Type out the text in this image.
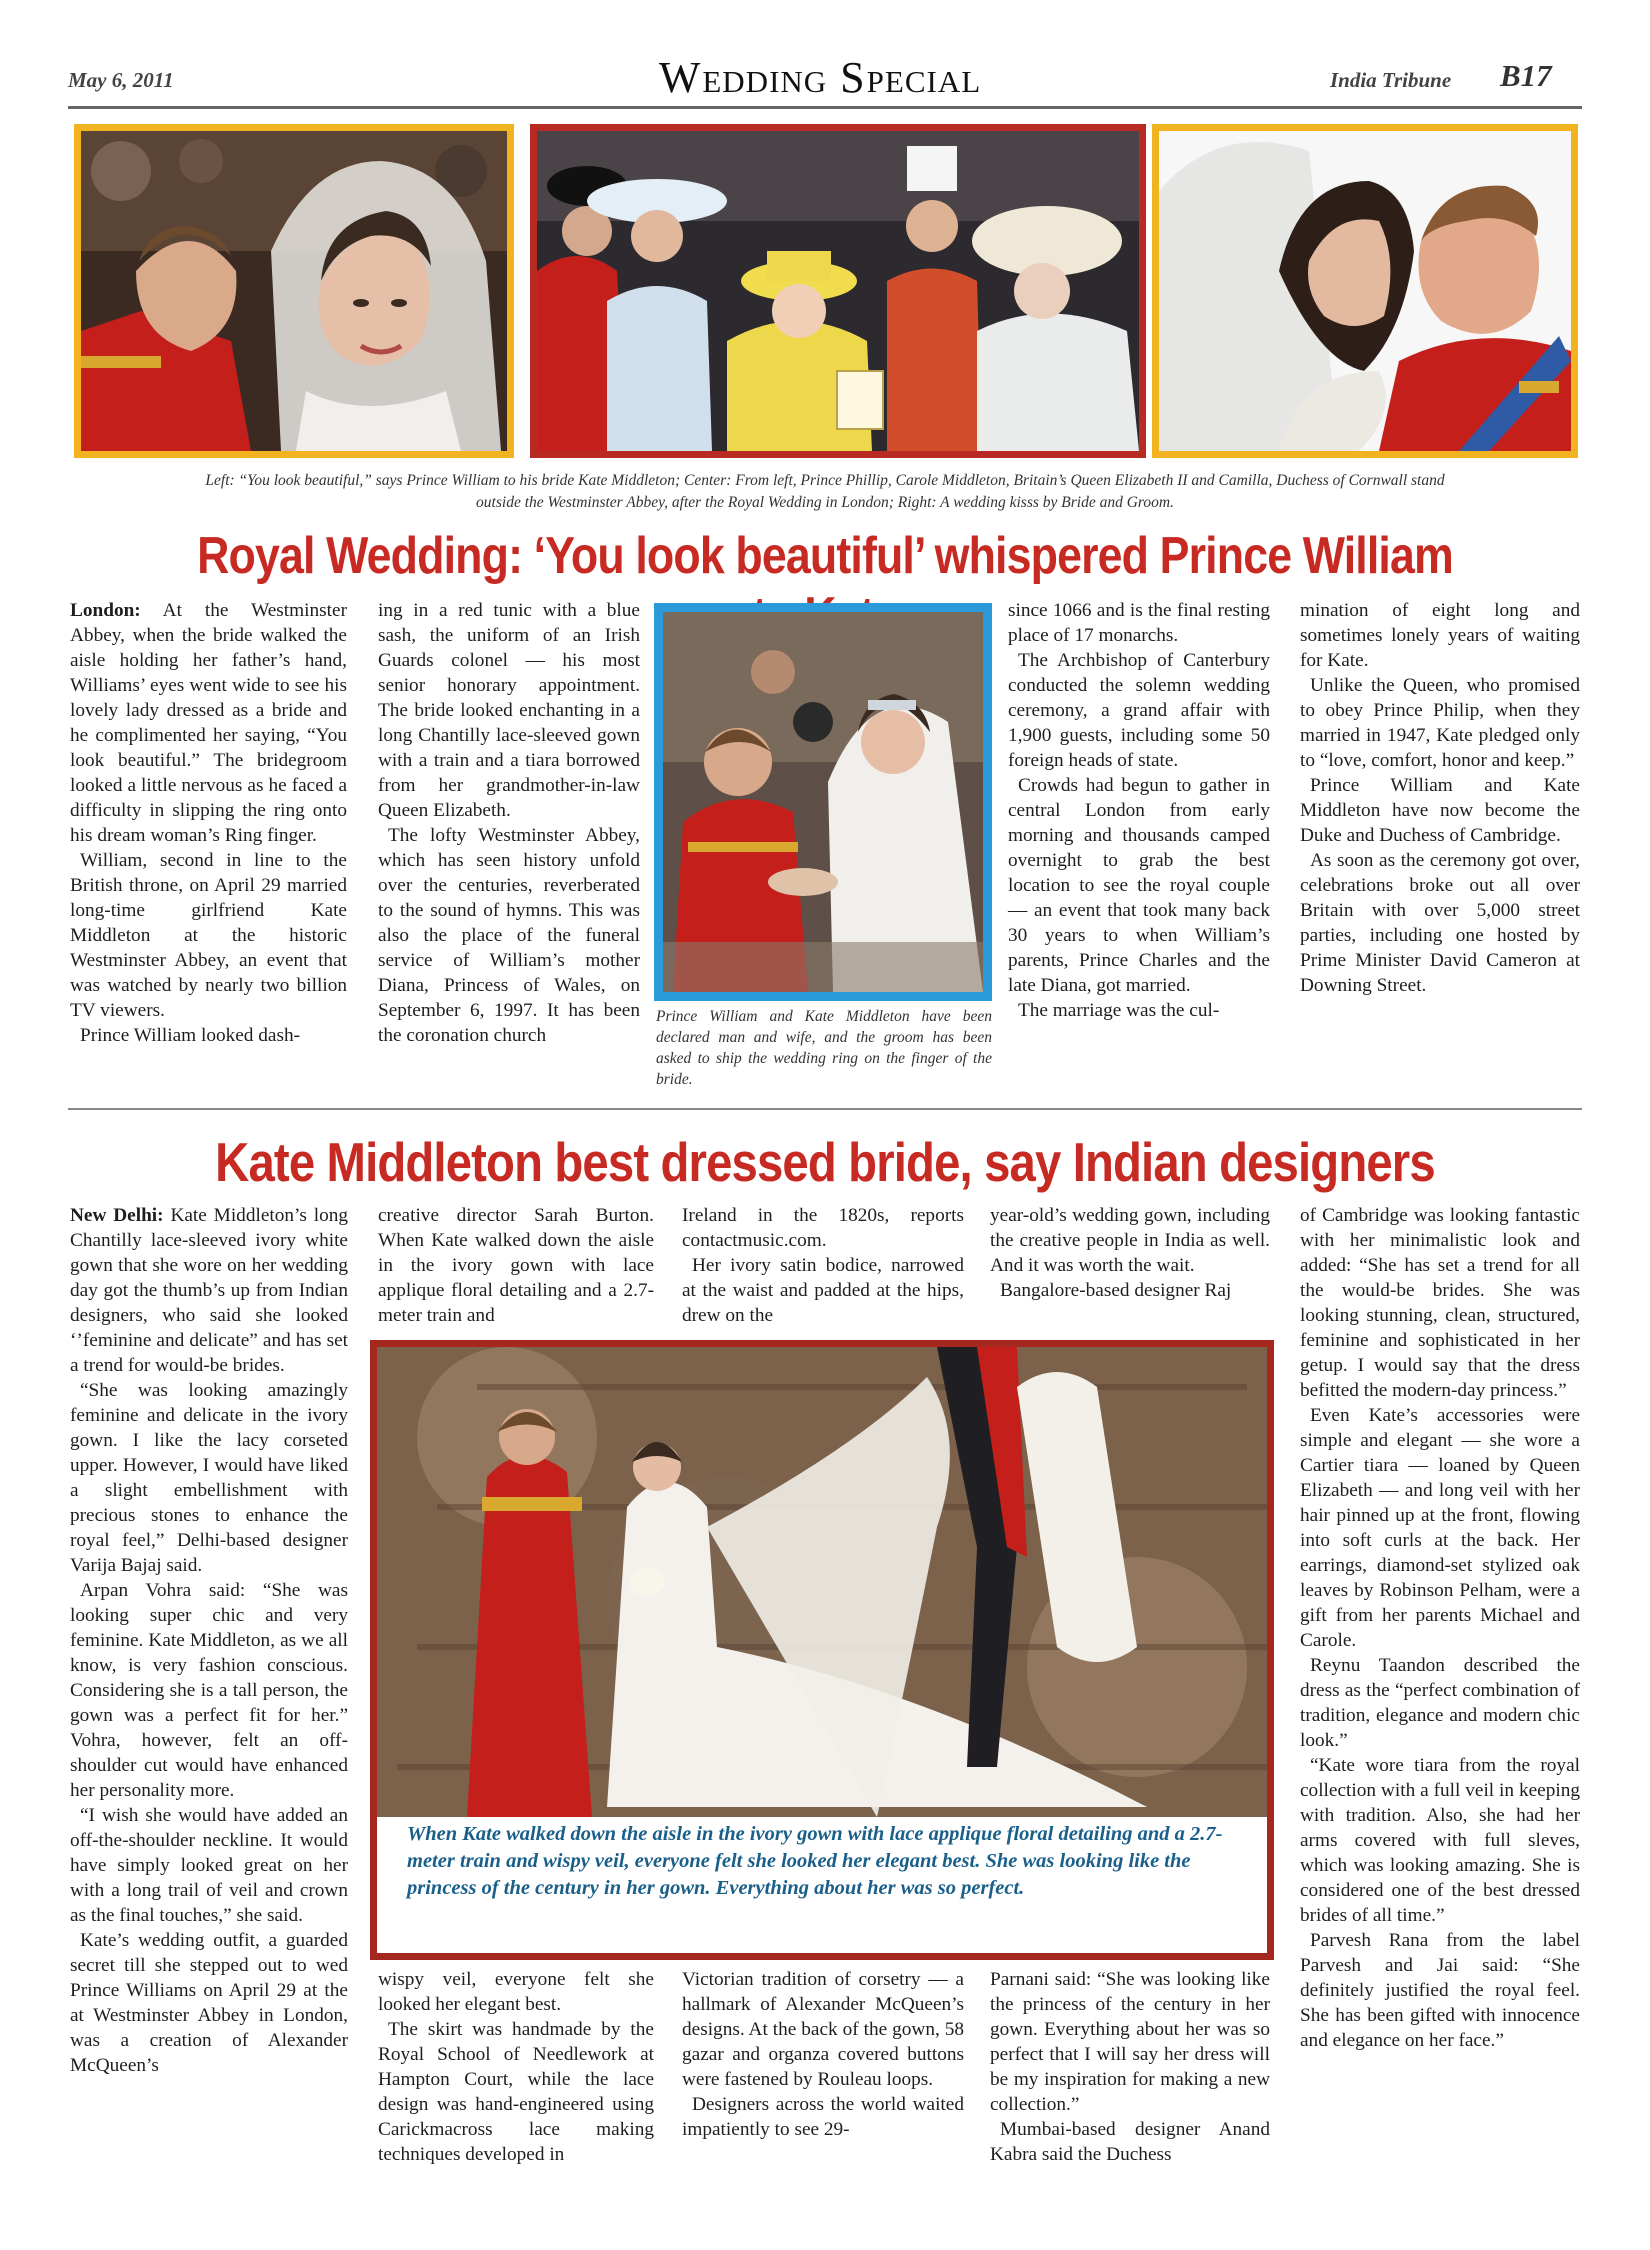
May 6, 2011	WEDDING SPECIAL	India Tribune B17
Left: “You look beautiful,” says Prince William to his bride Kate Middleton; Center: From left, Prince Phillip, Carole Middleton, Britain’s Queen Elizabeth II and Camilla, Duchess of Cornwall stand
outside the Westminster Abbey, after the Royal Wedding in London; Right: A wedding kisss by Bride and Groom.
Royal Wedding: ‘You look beautiful’ whispered Prince William

London: At the Westminster Abbey, when the bride walked the aisle holding her father’s hand, Williams’ eyes went wide to see his lovely lady dressed as a bride and he complimented her saying, “You look beautiful.” The bridegroom looked a little nervous as he faced a difficulty in slipping the ring onto his dream woman’s Ring finger.

William, second in line to the British throne, on April 29 married long-time girlfriend Kate Middleton at the historic Westminster Abbey, an event that was watched by nearly two billion TV viewers.

Prince William looked dash-

ing in a red tunic with a blue sash, the uniform of an Irish Guards colonel — his most senior honorary appointment. The bride looked enchanting in a long Chantilly lace-sleeved gown with a train and a tiara borrowed from her grandmother-in-law Queen Elizabeth.

The lofty Westminster Abbey, which has seen history unfold over the centuries, reverberated to the sound of hymns. This was also the place of the funeral service of William’s mother Diana, Princess of Wales, on September 6, 1997. It has been the coronation church

Prince William and Kate Middleton have been declared man and wife, and the groom has been asked to ship the wedding ring on the finger of the bride.

since 1066 and is the final resting place of 17 monarchs.

The Archbishop of Canterbury conducted the solemn wedding ceremony, a grand affair with 1,900 guests, including some 50 foreign heads of state.

Crowds had begun to gather in central London from early morning and thousands camped overnight to grab the best location to see the royal couple — an event that took many back 30 years to when William’s parents, Prince Charles and the late Diana, got married.

The marriage was the cul-

mination of eight long and sometimes lonely years of waiting for Kate.

Unlike the Queen, who promised to obey Prince Philip, when they married in 1947, Kate pledged only to “love, comfort, honor and keep.”

Prince William and Kate Middleton have now become the Duke and Duchess of Cambridge.

As soon as the ceremony got over, celebrations broke out all over Britain with over 5,000 street parties, including one hosted by Prime Minister David Cameron at Downing Street.

Kate Middleton best dressed bride, say Indian designers

New Delhi: Kate Middleton’s long Chantilly lace-sleeved ivory white gown that she wore on her wedding day got the thumb’s up from Indian designers, who said she looked ‘’feminine and delicate” and has set a trend for would-be brides.

“She was looking amazingly feminine and delicate in the ivory gown. I like the lacy corseted upper. However, I would have liked a slight embellishment with precious stones to enhance the royal feel,” Delhi-based designer Varija Bajaj said.

Arpan Vohra said: “She was looking super chic and very feminine. Kate Middleton, as we all know, is very fashion conscious. Considering she is a tall person, the gown was a perfect fit for her.” Vohra, however, felt an off-shoulder cut would have enhanced her personality more.

“I wish she would have added an off-the-shoulder neckline. It would have simply looked great on her with a long trail of veil and crown as the final touches,” she said.

Kate’s wedding outfit, a guarded secret till she stepped out to wed Prince Williams on April 29 at the at Westminster Abbey in London, was a creation of Alexander McQueen’s

creative director Sarah Burton. When Kate walked down the aisle in the ivory gown with lace applique floral detailing and a 2.7-meter train and

Ireland in the 1820s, reports contactmusic.com.

Her ivory satin bodice, narrowed at the waist and padded at the hips, drew on the

year-old’s wedding gown, including the creative people in India as well. And it was worth the wait.

Bangalore-based designer Raj

When Kate walked down the aisle in the ivory gown with lace applique floral detailing and a 2.7-meter train and wispy veil, everyone felt she looked her elegant best. She was looking like the princess of the century in her gown. Everything about her was so perfect.

wispy veil, everyone felt she looked her elegant best.

The skirt was handmade by the Royal School of Needlework at Hampton Court, while the lace design was hand-engineered using Carickmacross lace making techniques developed in

Victorian tradition of corsetry — a hallmark of Alexander McQueen’s designs. At the back of the gown, 58 gazar and organza covered buttons were fastened by Rouleau loops.

Designers across the world waited impatiently to see 29-

Parnani said: “She was looking like the princess of the century in her gown. Everything about her was so perfect that I will say her dress will be my inspiration for making a new collection.”

Mumbai-based designer Anand Kabra said the Duchess

of Cambridge was looking fantastic with her minimalistic look and added: “She has set a trend for all the would-be brides. She was looking stunning, clean, structured, feminine and sophisticated in her getup. I would say that the dress befitted the modern-day princess.”

Even Kate’s accessories were simple and elegant — she wore a Cartier tiara — loaned by Queen Elizabeth — and long veil with her hair pinned up at the front, flowing into soft curls at the back. Her earrings, diamond-set stylized oak leaves by Robinson Pelham, were a gift from her parents Michael and Carole.

Reynu Taandon described the dress as the “perfect combination of tradition, elegance and modern chic look.”

“Kate wore tiara from the royal collection with a full veil in keeping with tradition. Also, she had her arms covered with full sleves, which was looking amazing. She is considered one of the best dressed brides of all time.”

Parvesh Rana from the label Parvesh and Jai said: “She definitely justified the royal feel. She has been gifted with innocence and elegance on her face.”
